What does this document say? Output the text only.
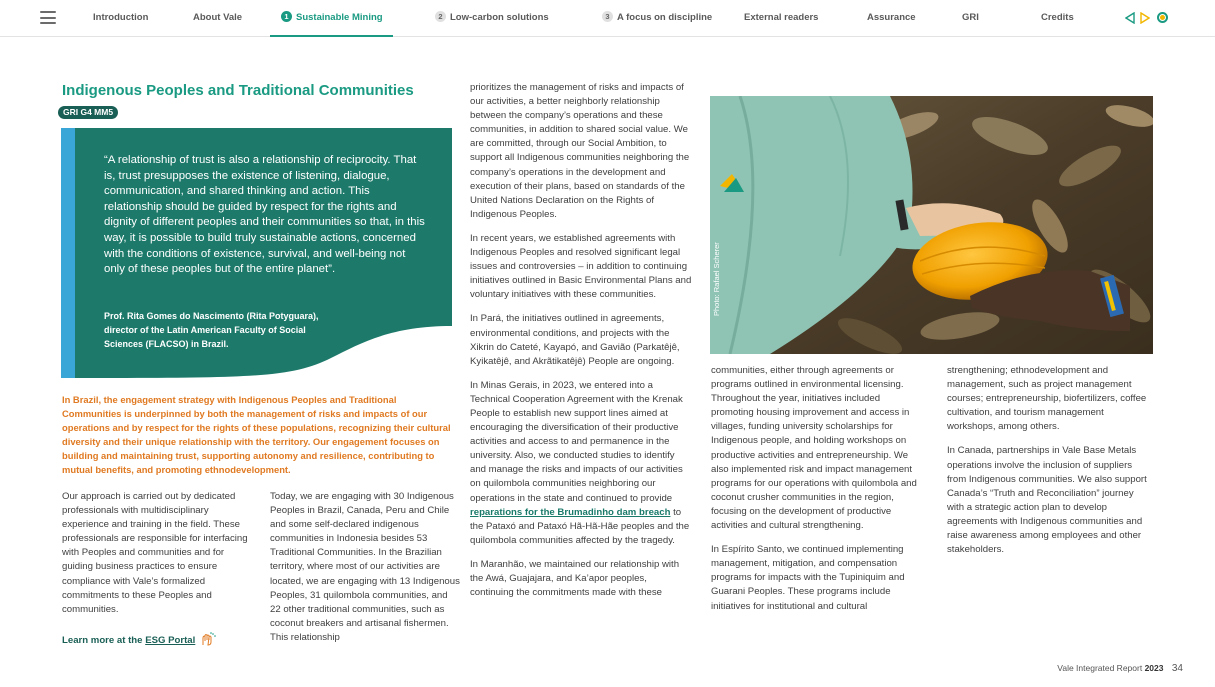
Introduction	About Vale	1 Sustainable Mining	2 Low-carbon solutions	3 A focus on discipline	External readers	Assurance	GRI	Credits
Indigenous Peoples and Traditional Communities
GRI G4 MM5
“A relationship of trust is also a relationship of reciprocity. That is, trust presupposes the existence of listening, dialogue, communication, and shared thinking and action. This relationship should be guided by respect for the rights and dignity of different peoples and their communities so that, in this way, it is possible to build truly sustainable actions, concerned with the conditions of existence, survival, and well-being not only of these peoples but of the entire planet”.
Prof. Rita Gomes do Nascimento (Rita Potyguara),
director of the Latin American Faculty of Social
Sciences (FLACSO) in Brazil.
In Brazil, the engagement strategy with Indigenous Peoples and Traditional Communities is underpinned by both the management of risks and impacts of our operations and by respect for the rights of these populations, recognizing their cultural diversity and their unique relationship with the territory. Our engagement focuses on building and maintaining trust, supporting autonomy and resilience, contributing to mutual benefits, and promoting ethnodevelopment.

Our approach is carried out by dedicated professionals with multidisciplinary experience and training in the field. These professionals are responsible for interfacing with Peoples and communities and for guiding business practices to ensure compliance with Vale’s formalized commitments to these Peoples and communities.

Learn more at the ESG Portal

Today, we are engaging with 30 Indigenous Peoples in Brazil, Canada, Peru and Chile and some self-declared indigenous communities in Indonesia besides 53 Traditional Communities. In the Brazilian territory, where most of our activities are located, we are engaging with 13 Indigenous Peoples, 31 quilombola communities, and 22 other traditional communities, such as coconut breakers and artisanal fishermen. This relationship

prioritizes the management of risks and impacts of our activities, a better neighborly relationship between the company’s operations and these communities, in addition to shared social value. We are committed, through our Social Ambition, to support all Indigenous communities neighboring the company’s operations in the development and execution of their plans, based on standards of the United Nations Declaration on the Rights of Indigenous Peoples.

In recent years, we established agreements with Indigenous Peoples and resolved significant legal issues and controversies – in addition to continuing initiatives outlined in Basic Environmental Plans and voluntary initiatives with these communities.

In Pará, the initiatives outlined in agreements, environmental conditions, and projects with the Xikrin do Cateté, Kayapó, and Gavião (Parkatêjê, Kyikatêjê, and Akrãtikatêjê) People are ongoing.

In Minas Gerais, in 2023, we entered into a Technical Cooperation Agreement with the Krenak People to establish new support lines aimed at encouraging the diversification of their productive activities and access to and permanence in the university. Also, we conducted studies to identify and manage the risks and impacts of our activities on quilombola communities neighboring our operations in the state and continued to provide reparations for the Brumadinho dam breach to the Pataxó and Pataxó Hã-Hã-Hãe peoples and the quilombola communities affected by the tragedy.

In Maranhão, we maintained our relationship with the Awá, Guajajara, and Ka’apor peoples, continuing the commitments made with these

Photo: Rafael Scherer

communities, either through agreements or programs outlined in environmental licensing. Throughout the year, initiatives included promoting housing improvement and access in villages, funding university scholarships for Indigenous people, and holding workshops on productive activities and entrepreneurship. We also implemented risk and impact management programs for our operations with quilombola and coconut crusher communities in the region, focusing on the development of productive activities and cultural strengthening.

In Espírito Santo, we continued implementing management, mitigation, and compensation programs for impacts with the Tupiniquim and Guarani Peoples. These programs include initiatives for institutional and cultural

strengthening; ethnodevelopment and management, such as project management courses; entrepreneurship, biofertilizers, coffee cultivation, and tourism management workshops, among others.

In Canada, partnerships in Vale Base Metals operations involve the inclusion of suppliers from Indigenous communities. We also support Canada’s “Truth and Reconciliation” journey with a strategic action plan to develop agreements with Indigenous communities and raise awareness among employees and other stakeholders.

Vale Integrated Report 2023 34
